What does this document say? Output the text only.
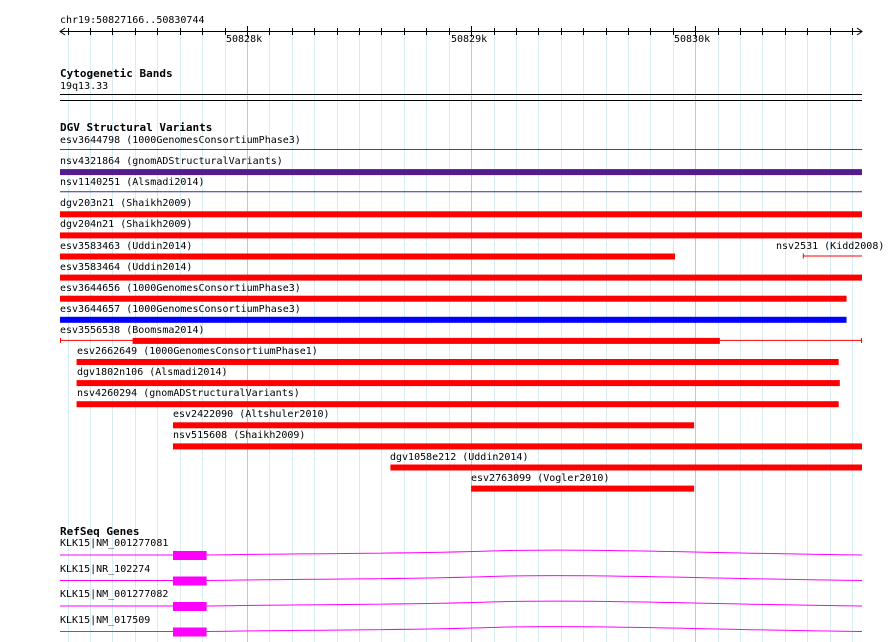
chr19:50827166..50830744
50828k	50829k	50830k
Cytogenetic Bands
19q13.33
DGV Structural Variants
esv3644798 (1000GenomesConsortiumPhase3)
nsv4321864 (gnomADStructuralVariants)
nsv1140251 (Alsmadi2014)
dgv203n21 (Shaikh2009)
dgv204n21 (Shaikh2009)
esv3583463 (Uddin2014)
esv3583464 (Uddin2014)
esv3644656 (1000GenomesConsortiumPhase3)
esv3644657 (1000GenomesConsortiumPhase3)
esv3556538 (Boomsma2014)
esv2662649 (1000GenomesConsortiumPhase1)
dgv1802n106 (Alsmadi2014)
nsv4260294 (gnomADStructuralVariants)
esv2422090 (Altshuler2010)
nsv515608 (Shaikh2009)
dgv1058e212 (Uddin2014)
esv2763099 (Vogler2010)
nsv2531 (Kidd2008)
RefSeq Genes
KLK15|NM_001277081
KLK15|NR_102274
KLK15|NM_001277082
KLK15|NM_017509
